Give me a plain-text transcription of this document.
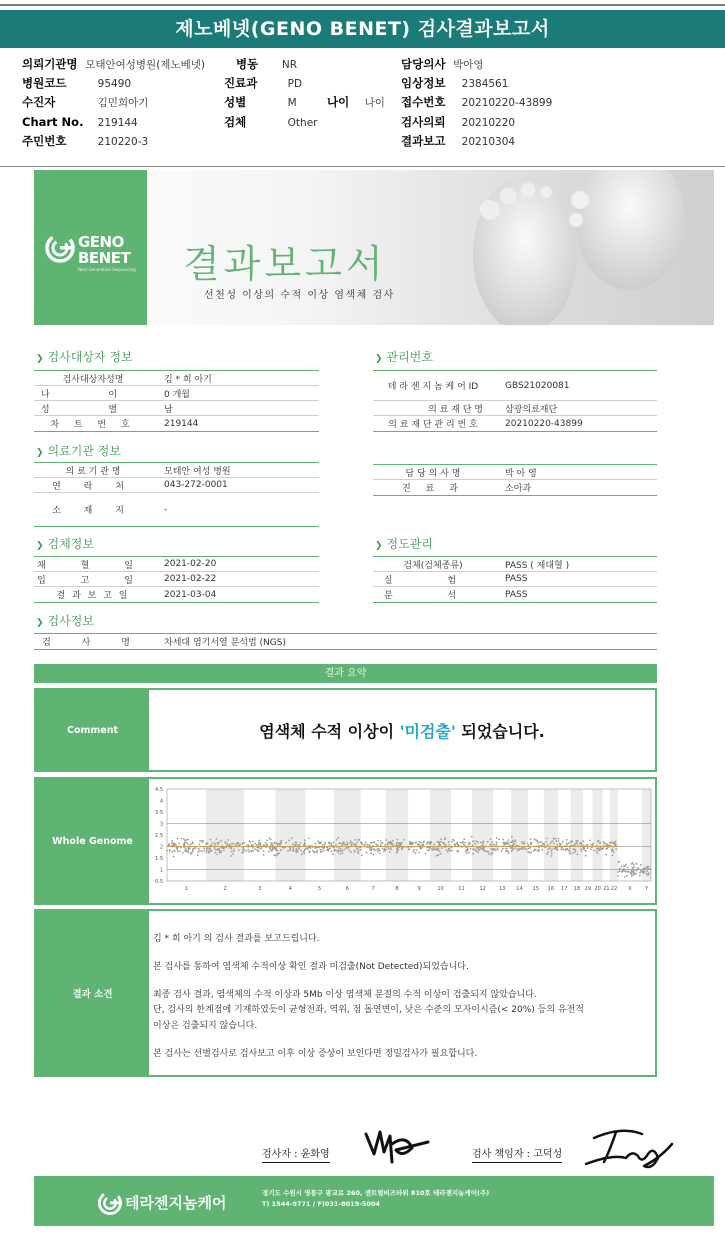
제노베넷(GENO BENET) 검사결과보고서
의뢰기관명 모태안여성병원(제노베넷)	병동 NR	담당의사 박아영
병원코드	95490	진료과	PD	임상정보 2384561
수진자	김민희아기	성별	M	나이 나이 접수번호 20210220-43899
Chart No. 219144	검체	Other	검사의뢰 20210220
주민번호	210220-3	결과보고 20210304
GENO
BENET
Next Generation Sequencing 결과보고서
선천성 이상의 수적 이상 염색체 검사
❯ 검사대상자 정보
검사대상자성명	김 * 희 아기
나 이	0 개월
성 별	남
차 트 번 호	219144
❯ 관리번호
테 라 젠 지 놈 케 어 ID	GBS21020081
의 료 재 단 명	삼광의료재단
의 료 재 단 관 리 번 호	20210220-43899
❯ 의료기관 정보
의 료 기 관 명	모태안 여성 병원
연 락 처	043-272-0001
소 재 지	-
담 당 의 사 명	박 아 영
진 료 과	소아과
❯ 검체정보
채 혈 일	2021-02-20
입 고 일	2021-02-22
결 과 보 고 일	2021-03-04
❯ 정도관리
검체(검체종류)	PASS ( 제대혈 )
실 험	PASS
분 석	PASS
❯ 검사정보
검 사 명	차세대 염기서열 분석법 (NGS)
결과 요약
Comment	염색체 수적 이상이
'미검출'
되었습니다.
Whole Genome
4.5
4
3.5
3
2.5
2
1.5
1
0.5
1	2	3	4	5	6	7	8	9	10	11	12	13 14 15 16 17 18 19 20 21 22 X	Y
결과 소견
김 * 희 아기 의 검사 결과를 보고드립니다.
본 검사를 통하여 염색체 수적이상 확인 결과 미검출(Not Detected)되었습니다.
최종 검사 결과, 염색체의 수적 이상과 5Mb 이상 염색체 분절의 수적 이상이 검출되지 않았습니다.
단, 검사의 한계점에 기재하였듯이 균형전좌, 역위, 점 돌연변이, 낮은 수준의 모자이시즘(< 20%) 등의 유전적
이상은 검출되지 않습니다.
본 검사는 선별검사로 검사보고 이후 이상 증상이 보인다면 정밀검사가 필요합니다.
검사자 : 윤화영	검사 책임자 : 고덕성
테라젠지놈케어
경기도 수원시 영통구 광교로 260, 센트럴비즈타워 810호 테라젠지놈케어(주)
T) 1544-9771 / F)031-8019-5004
